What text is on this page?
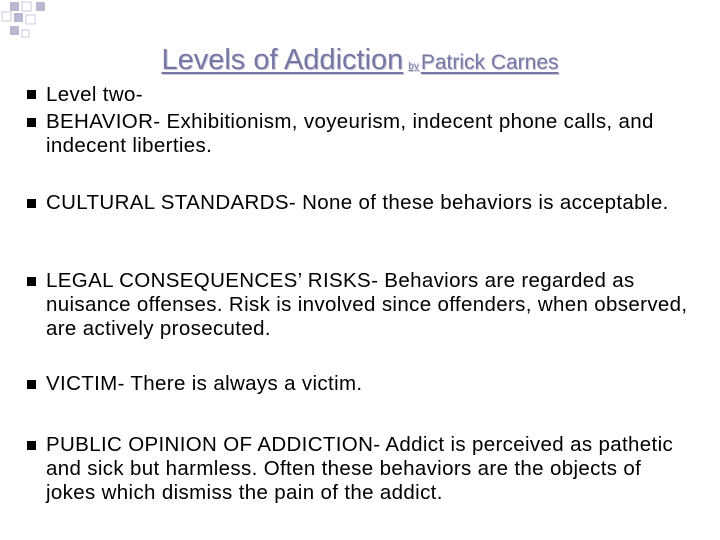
Levels of Addiction byPatrick Carnes
Level two-
BEHAVIOR- Exhibitionism, voyeurism, indecent phone calls, and indecent liberties.
CULTURAL STANDARDS- None of these behaviors is acceptable.
LEGAL CONSEQUENCES’ RISKS- Behaviors are regarded as nuisance offenses. Risk is involved since offenders, when observed, are actively prosecuted.
VICTIM- There is always a victim.
PUBLIC OPINION OF ADDICTION- Addict is perceived as pathetic and sick but harmless. Often these behaviors are the objects of jokes which dismiss the pain of the addict.
